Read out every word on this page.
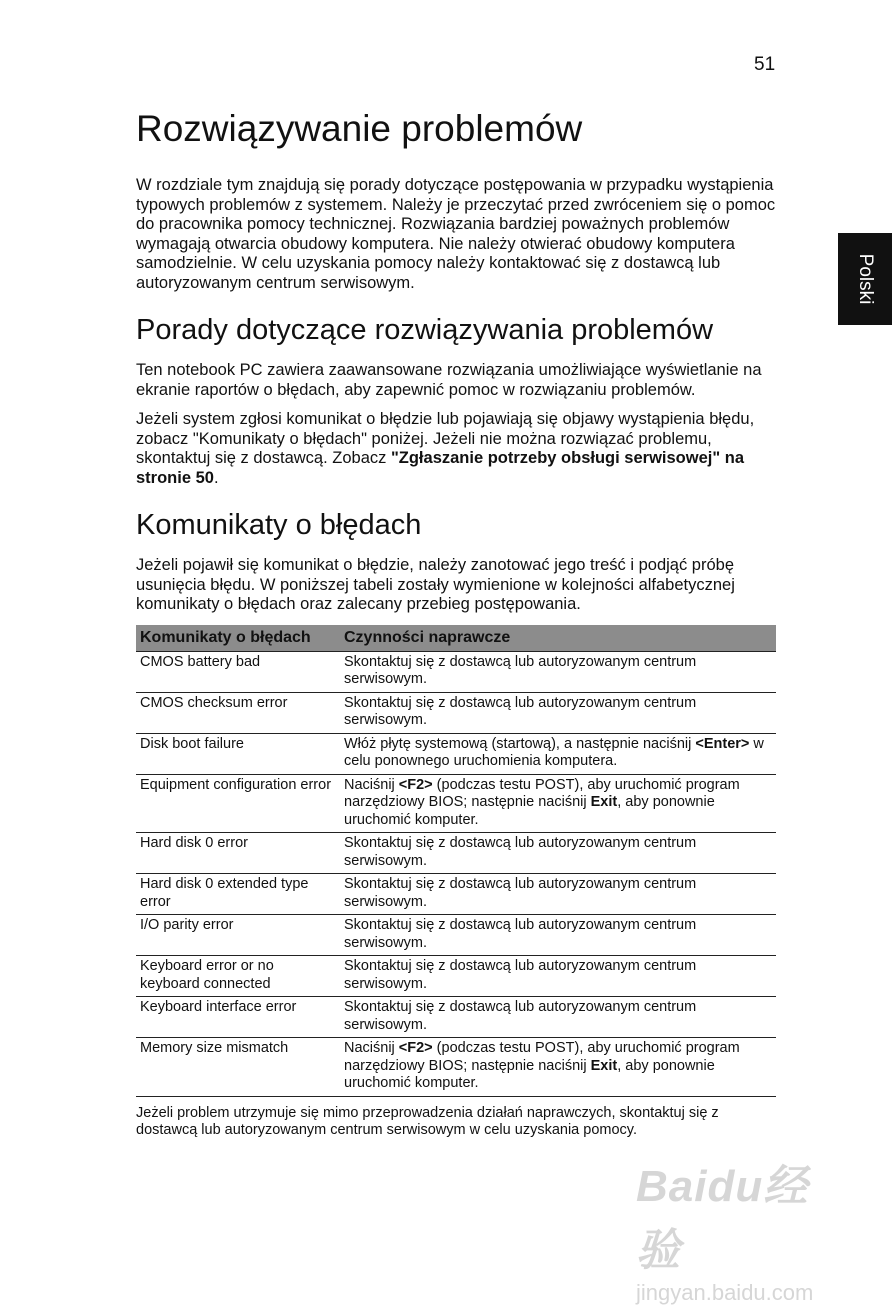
51
Polski
Rozwiązywanie problemów

W rozdziale tym znajdują się porady dotyczące postępowania w przypadku wystąpienia typowych problemów z systemem. Należy je przeczytać przed zwróceniem się o pomoc do pracownika pomocy technicznej. Rozwiązania bardziej poważnych problemów wymagają otwarcia obudowy komputera. Nie należy otwierać obudowy komputera samodzielnie. W celu uzyskania pomocy należy kontaktować się z dostawcą lub autoryzowanym centrum serwisowym.

Porady dotyczące rozwiązywania problemów

Ten notebook PC zawiera zaawansowane rozwiązania umożliwiające wyświetlanie na ekranie raportów o błędach, aby zapewnić pomoc w rozwiązaniu problemów.

Jeżeli system zgłosi komunikat o błędzie lub pojawiają się objawy wystąpienia błędu, zobacz "Komunikaty o błędach" poniżej. Jeżeli nie można rozwiązać problemu, skontaktuj się z dostawcą. Zobacz "Zgłaszanie potrzeby obsługi serwisowej" na stronie 50.

Komunikaty o błędach

Jeżeli pojawił się komunikat o błędzie, należy zanotować jego treść i podjąć próbę usunięcia błędu. W poniższej tabeli zostały wymienione w kolejności alfabetycznej komunikaty o błędach oraz zalecany przebieg postępowania.

Komunikaty o błędach	Czynności naprawcze
CMOS battery bad	Skontaktuj się z dostawcą lub autoryzowanym centrum serwisowym.
CMOS checksum error	Skontaktuj się z dostawcą lub autoryzowanym centrum serwisowym.
Disk boot failure	Włóż płytę systemową (startową), a następnie naciśnij <Enter> w celu ponownego uruchomienia komputera.
Equipment configuration error	Naciśnij <F2> (podczas testu POST), aby uruchomić program narzędziowy BIOS; następnie naciśnij Exit, aby ponownie uruchomić komputer.
Hard disk 0 error	Skontaktuj się z dostawcą lub autoryzowanym centrum serwisowym.
Hard disk 0 extended type error	Skontaktuj się z dostawcą lub autoryzowanym centrum serwisowym.
I/O parity error	Skontaktuj się z dostawcą lub autoryzowanym centrum serwisowym.
Keyboard error or no keyboard connected	Skontaktuj się z dostawcą lub autoryzowanym centrum serwisowym.
Keyboard interface error	Skontaktuj się z dostawcą lub autoryzowanym centrum serwisowym.
Memory size mismatch	Naciśnij <F2> (podczas testu POST), aby uruchomić program narzędziowy BIOS; następnie naciśnij Exit, aby ponownie uruchomić komputer.

Jeżeli problem utrzymuje się mimo przeprowadzenia działań naprawczych, skontaktuj się z dostawcą lub autoryzowanym centrum serwisowym w celu uzyskania pomocy.

Baidu经验
jingyan.baidu.com
